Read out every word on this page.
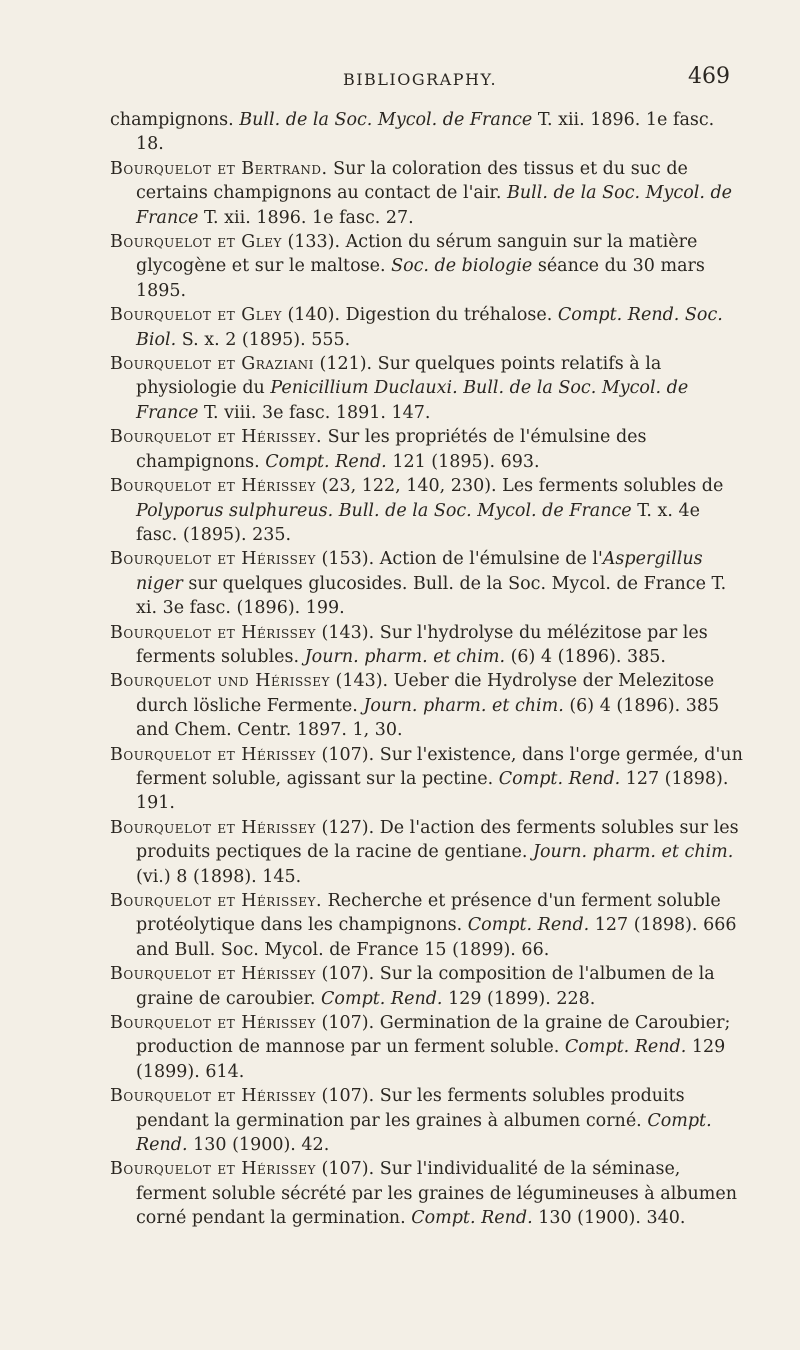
BIBLIOGRAPHY.	469

champignons. Bull. de la Soc. Mycol. de France T. xii. 1896. 1e fasc. 18.

Bourquelot et Bertrand. Sur la coloration des tissus et du suc de certains champignons au contact de l'air. Bull. de la Soc. Mycol. de France T. xii. 1896. 1e fasc. 27.

Bourquelot et Gley (133). Action du sérum sanguin sur la matière glycogène et sur le maltose. Soc. de biologie séance du 30 mars 1895.

Bourquelot et Gley (140). Digestion du tréhalose. Compt. Rend. Soc. Biol. S. x. 2 (1895). 555.

Bourquelot et Graziani (121). Sur quelques points relatifs à la physiologie du Penicillium Duclauxi. Bull. de la Soc. Mycol. de France T. viii. 3e fasc. 1891. 147.

Bourquelot et Hérissey. Sur les propriétés de l'émulsine des champignons. Compt. Rend. 121 (1895). 693.

Bourquelot et Hérissey (23, 122, 140, 230). Les ferments solubles de Polyporus sulphureus. Bull. de la Soc. Mycol. de France T. x. 4e fasc. (1895). 235.

Bourquelot et Hérissey (153). Action de l'émulsine de l'Aspergillus niger sur quelques glucosides. Bull. de la Soc. Mycol. de France T. xi. 3e fasc. (1896). 199.

Bourquelot et Hérissey (143). Sur l'hydrolyse du mélézitose par les ferments solubles. Journ. pharm. et chim. (6) 4 (1896). 385.

Bourquelot und Hérissey (143). Ueber die Hydrolyse der Melezitose durch lösliche Fermente. Journ. pharm. et chim. (6) 4 (1896). 385 and Chem. Centr. 1897. 1, 30.

Bourquelot et Hérissey (107). Sur l'existence, dans l'orge germée, d'un ferment soluble, agissant sur la pectine. Compt. Rend. 127 (1898). 191.

Bourquelot et Hérissey (127). De l'action des ferments solubles sur les produits pectiques de la racine de gentiane. Journ. pharm. et chim. (vi.) 8 (1898). 145.

Bourquelot et Hérissey. Recherche et présence d'un ferment soluble protéolytique dans les champignons. Compt. Rend. 127 (1898). 666 and Bull. Soc. Mycol. de France 15 (1899). 66.

Bourquelot et Hérissey (107). Sur la composition de l'albumen de la graine de caroubier. Compt. Rend. 129 (1899). 228.

Bourquelot et Hérissey (107). Germination de la graine de Caroubier; production de mannose par un ferment soluble. Compt. Rend. 129 (1899). 614.

Bourquelot et Hérissey (107). Sur les ferments solubles produits pendant la germination par les graines à albumen corné. Compt. Rend. 130 (1900). 42.

Bourquelot et Hérissey (107). Sur l'individualité de la séminase, ferment soluble sécrété par les graines de légumineuses à albumen corné pendant la germination. Compt. Rend. 130 (1900). 340.
